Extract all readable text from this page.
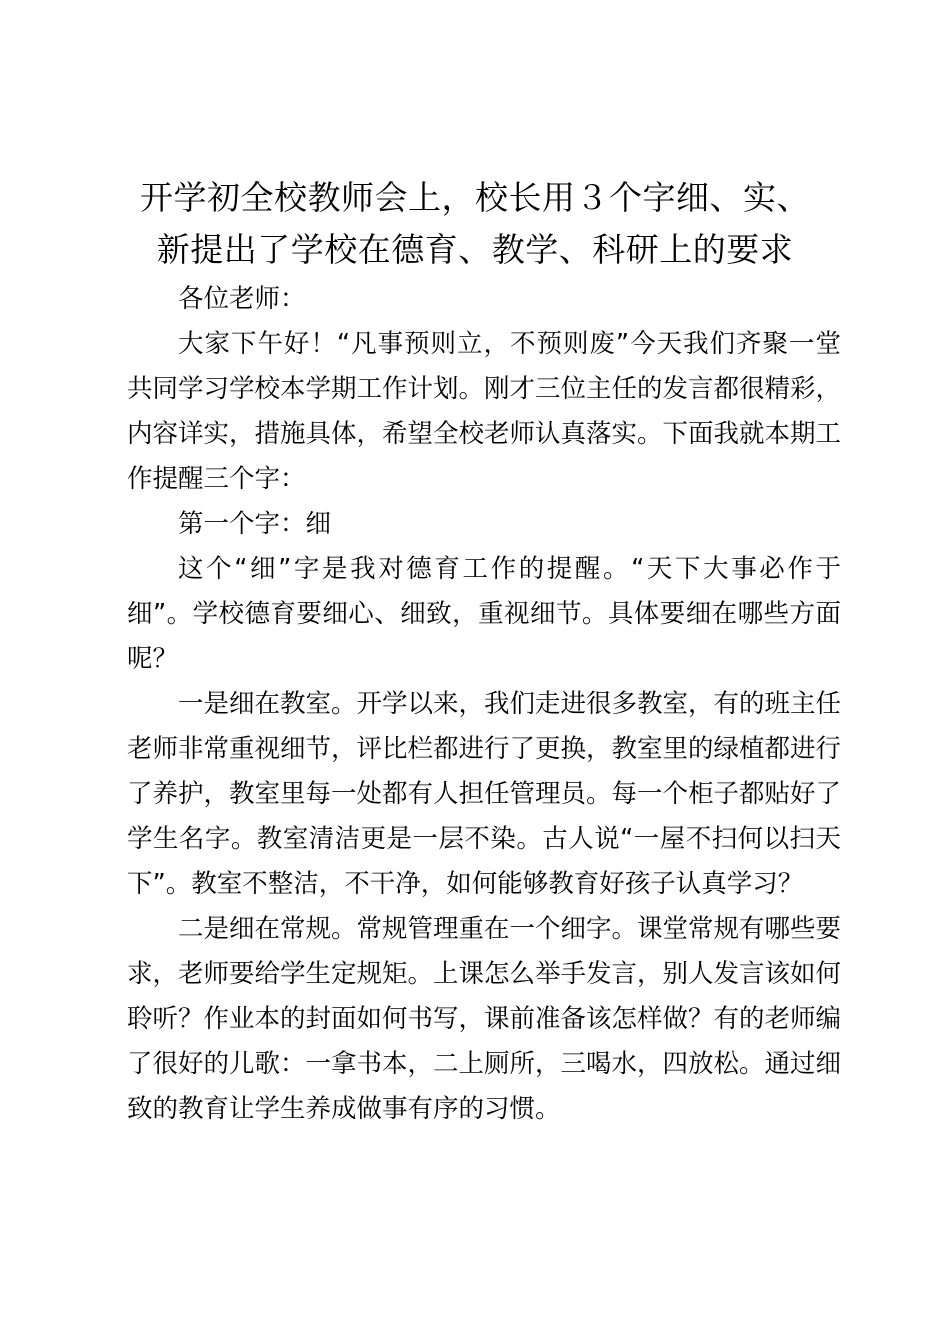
开学初全校教师会上，校长用３个字细、实、
新提出了学校在德育、教学、科研上的要求

各位老师：

大家下午好！“凡事预则立，不预则废”今天我们齐聚一堂共同学习学校本学期工作计划。刚才三位主任的发言都很精彩，内容详实，措施具体，希望全校老师认真落实。下面我就本期工作提醒三个字：

第一个字：细

这个“细”字是我对德育工作的提醒。“天下大事必作于细”。学校德育要细心、细致，重视细节。具体要细在哪些方面呢？

一是细在教室。开学以来，我们走进很多教室，有的班主任老师非常重视细节，评比栏都进行了更换，教室里的绿植都进行了养护，教室里每一处都有人担任管理员。每一个柜子都贴好了学生名字。教室清洁更是一层不染。古人说“一屋不扫何以扫天下”。教室不整洁，不干净，如何能够教育好孩子认真学习？

二是细在常规。常规管理重在一个细字。课堂常规有哪些要求，老师要给学生定规矩。上课怎么举手发言，别人发言该如何聆听？作业本的封面如何书写，课前准备该怎样做？有的老师编了很好的儿歌：一拿书本，二上厕所，三喝水，四放松。通过细致的教育让学生养成做事有序的习惯。
